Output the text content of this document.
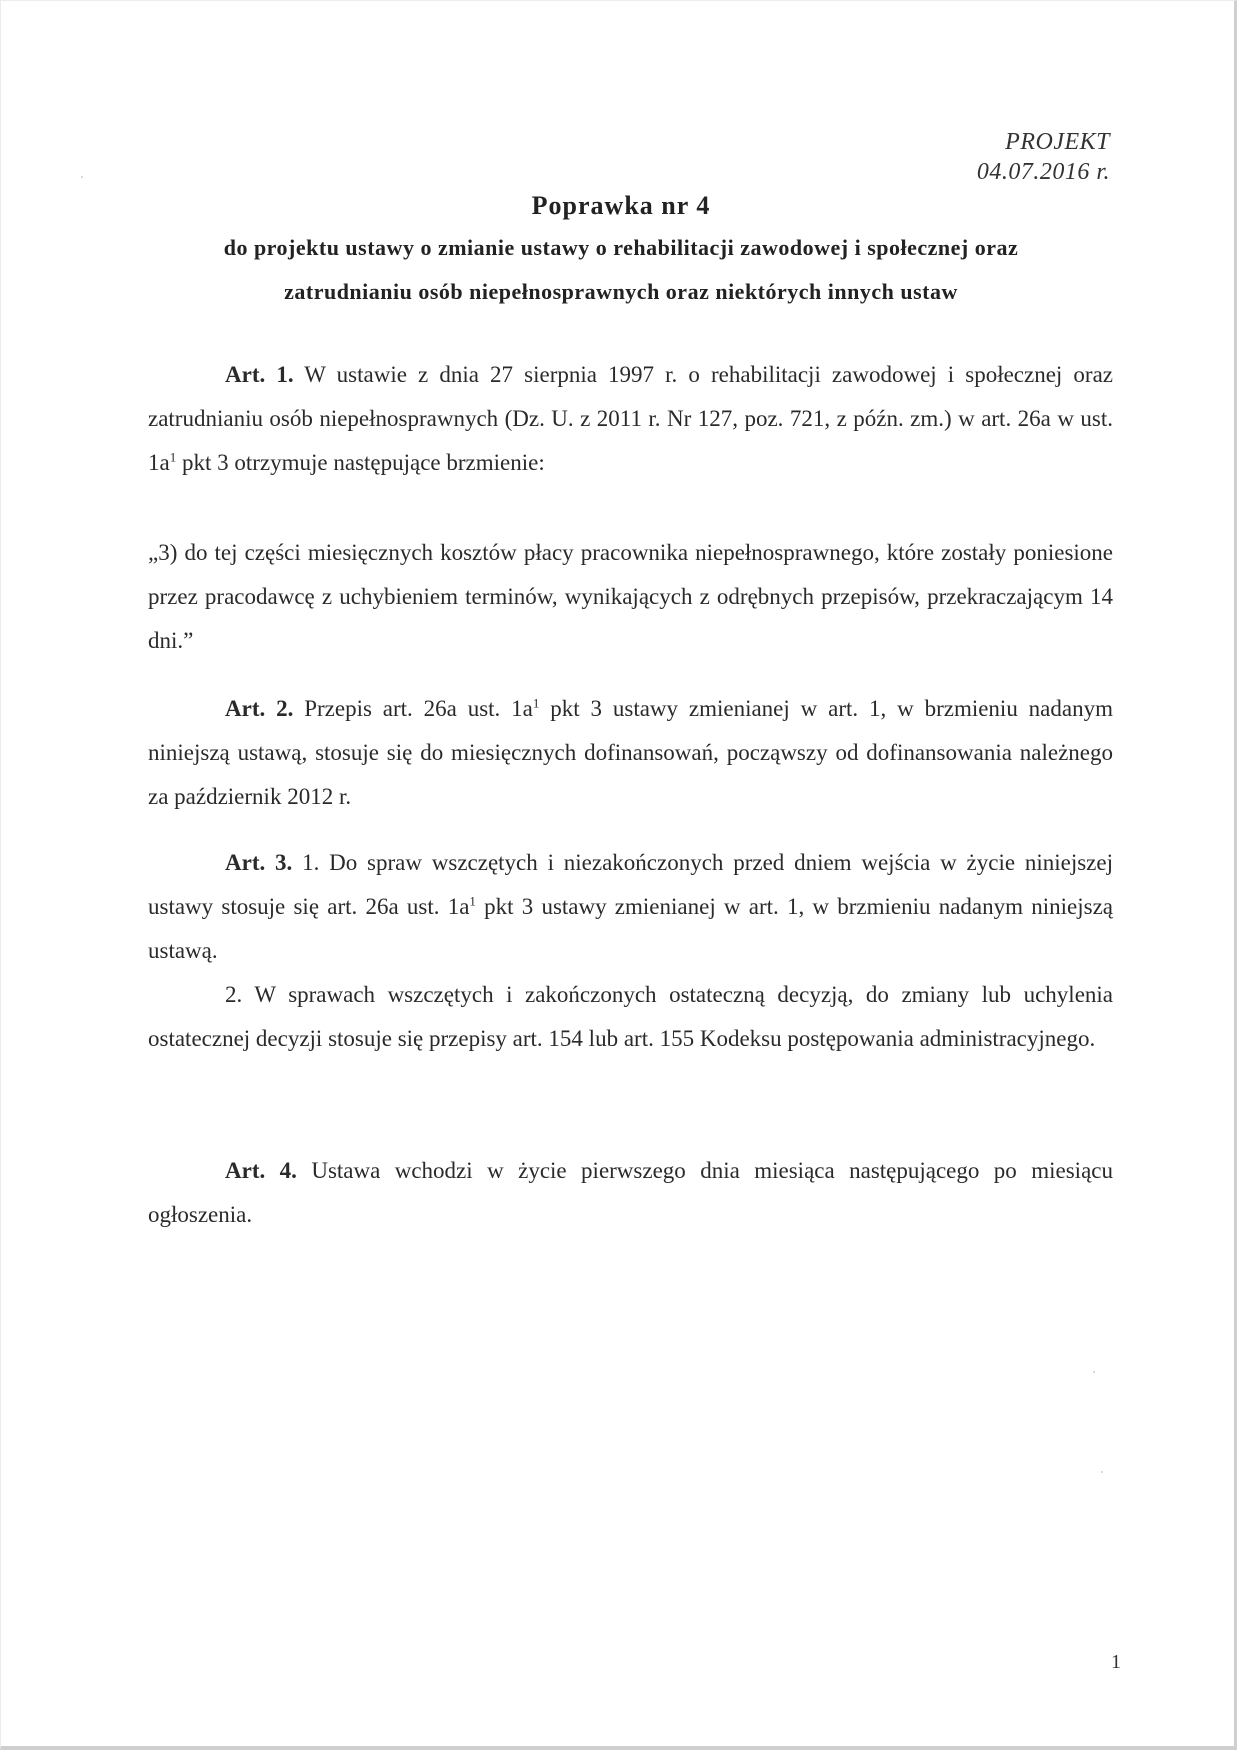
PROJEKT
04.07.2016 r.
Poprawka nr 4
do projektu ustawy o zmianie ustawy o rehabilitacji zawodowej i społecznej oraz
zatrudnianiu osób niepełnosprawnych oraz niektórych innych ustaw
Art. 1. W ustawie z dnia 27 sierpnia 1997 r. o rehabilitacji zawodowej i społecznej oraz zatrudnianiu osób niepełnosprawnych (Dz. U. z 2011 r. Nr 127, poz. 721, z późn. zm.) w art. 26a w ust. $1a^1$ pkt 3 otrzymuje następujące brzmienie:
„3) do tej części miesięcznych kosztów płacy pracownika niepełnosprawnego, które zostały poniesione przez pracodawcę z uchybieniem terminów, wynikających z odrębnych przepisów, przekraczającym 14 dni.”
Art. 2. Przepis art. 26a ust. $1a^1$ pkt 3 ustawy zmienianej w art. 1, w brzmieniu nadanym niniejszą ustawą, stosuje się do miesięcznych dofinansowań, począwszy od dofinansowania należnego za październik 2012 r.
Art. 3. 1. Do spraw wszczętych i niezakończonych przed dniem wejścia w życie niniejszej ustawy stosuje się art. 26a ust. $1a^1$ pkt 3 ustawy zmienianej w art. 1, w brzmieniu nadanym niniejszą ustawą.
2. W sprawach wszczętych i zakończonych ostateczną decyzją, do zmiany lub uchylenia ostatecznej decyzji stosuje się przepisy art. 154 lub art. 155 Kodeksu postępowania administracyjnego.
Art. 4. Ustawa wchodzi w życie pierwszego dnia miesiąca następującego po miesiącu ogłoszenia.
1
